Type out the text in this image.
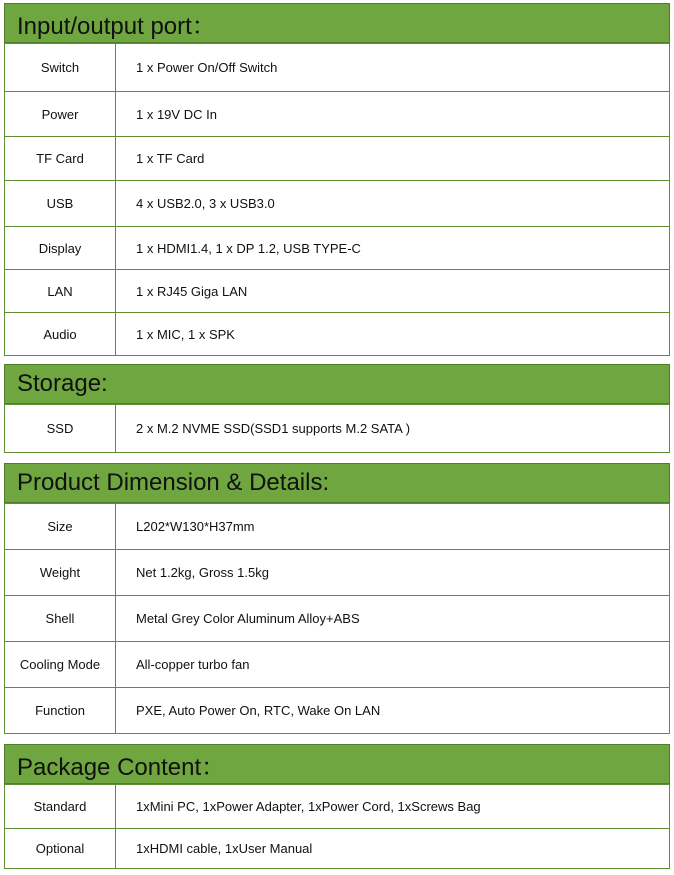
Input/output port：
Switch	1 x Power On/Off Switch
Power	1 x 19V DC In
TF Card	1 x TF Card
USB	4 x USB2.0, 3 x USB3.0
Display	1 x HDMI1.4, 1 x DP 1.2, USB TYPE-C
LAN	1 x RJ45 Giga LAN
Audio	1 x MIC, 1 x SPK
Storage:
SSD	2 x M.2 NVME SSD(SSD1 supports M.2 SATA )
Product Dimension & Details:
Size	L202*W130*H37mm
Weight	Net 1.2kg, Gross 1.5kg
Shell	Metal Grey Color Aluminum Alloy+ABS
Cooling Mode	All-copper turbo fan
Function	PXE, Auto Power On, RTC, Wake On LAN
Package Content：
Standard	1xMini PC, 1xPower Adapter, 1xPower Cord, 1xScrews Bag
Optional	1xHDMI cable, 1xUser Manual
